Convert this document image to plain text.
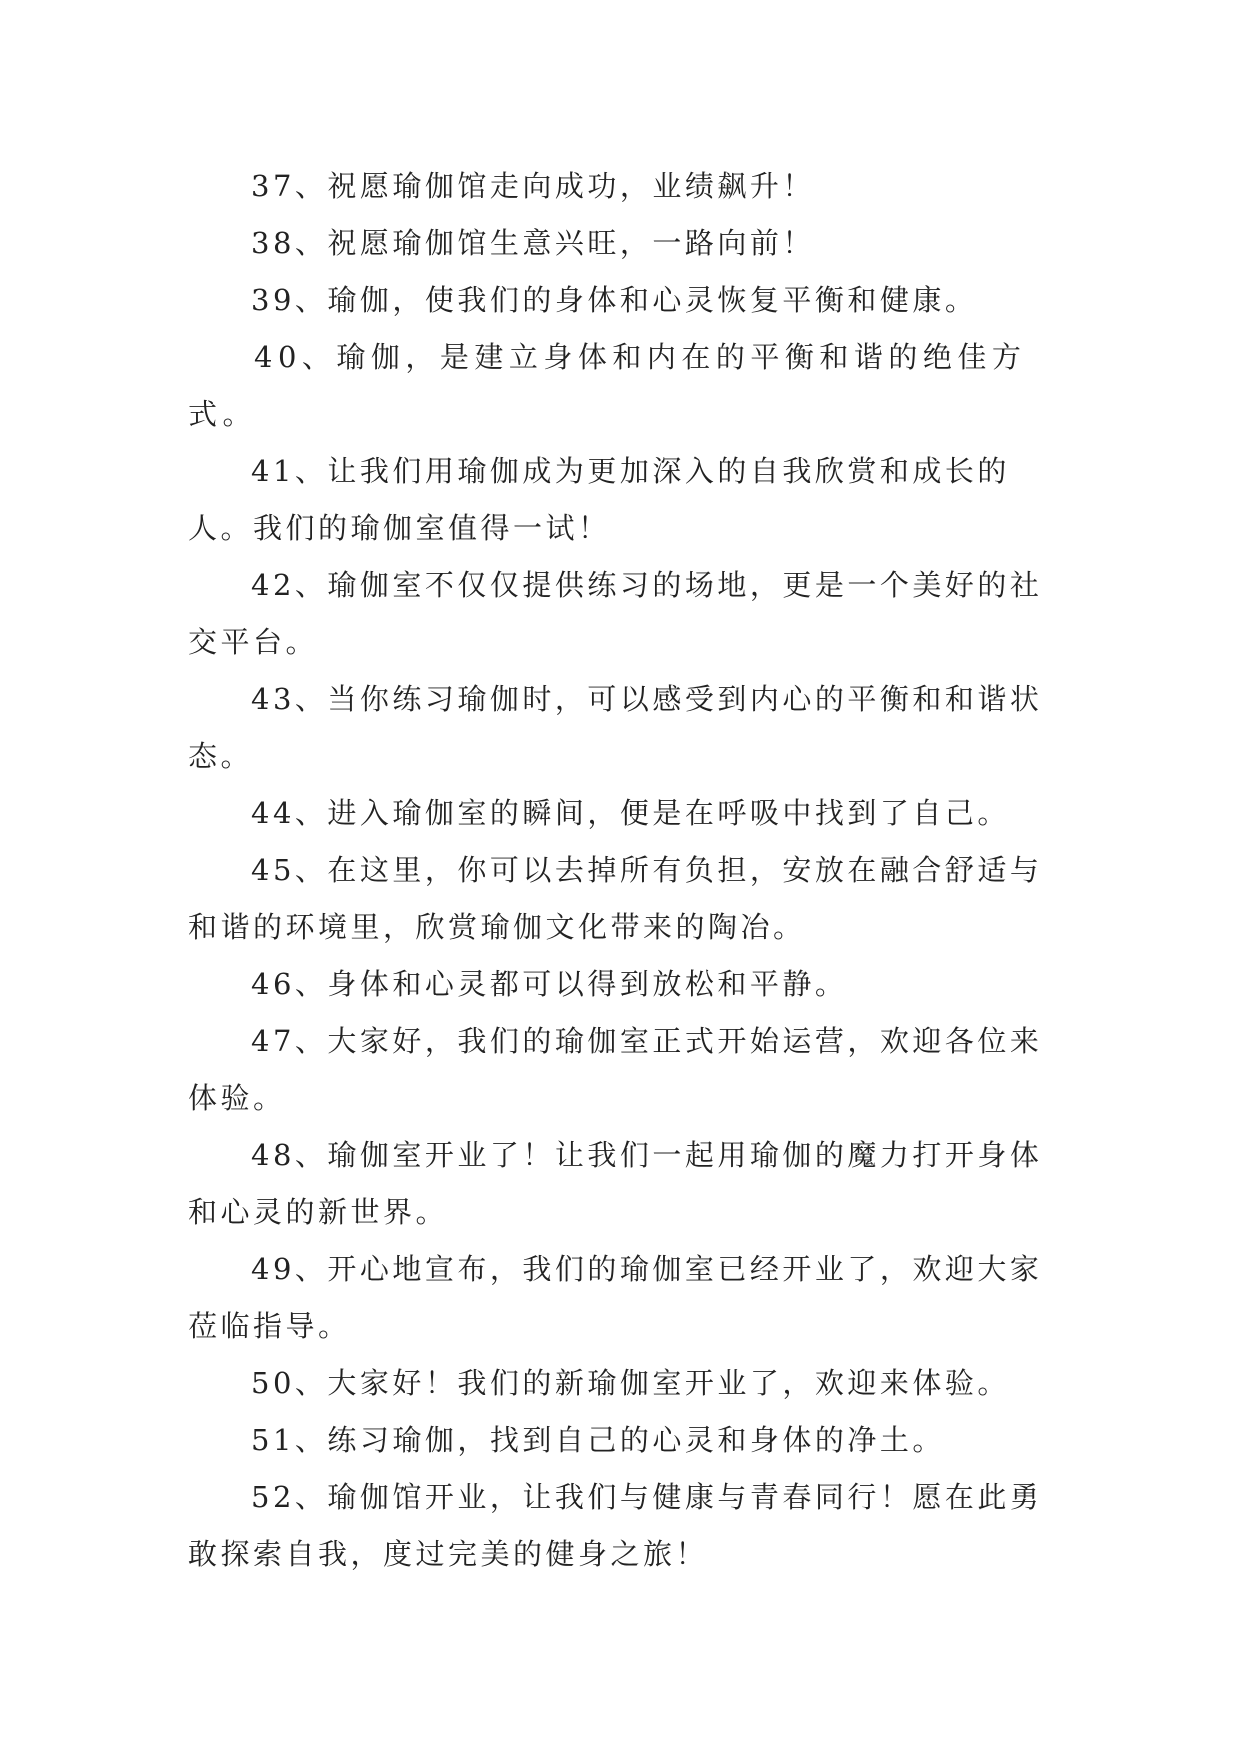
37、祝愿瑜伽馆走向成功，业绩飙升！

38、祝愿瑜伽馆生意兴旺，一路向前！

39、瑜伽，使我们的身体和心灵恢复平衡和健康。

40、瑜伽，是建立身体和内在的平衡和谐的绝佳方式。

41、让我们用瑜伽成为更加深入的自我欣赏和成长的人。我们的瑜伽室值得一试！

42、瑜伽室不仅仅提供练习的场地，更是一个美好的社交平台。

43、当你练习瑜伽时，可以感受到内心的平衡和和谐状态。

44、进入瑜伽室的瞬间，便是在呼吸中找到了自己。

45、在这里，你可以去掉所有负担，安放在融合舒适与和谐的环境里，欣赏瑜伽文化带来的陶冶。

46、身体和心灵都可以得到放松和平静。

47、大家好，我们的瑜伽室正式开始运营，欢迎各位来体验。

48、瑜伽室开业了！让我们一起用瑜伽的魔力打开身体和心灵的新世界。

49、开心地宣布，我们的瑜伽室已经开业了，欢迎大家莅临指导。

50、大家好！我们的新瑜伽室开业了，欢迎来体验。

51、练习瑜伽，找到自己的心灵和身体的净土。

52、瑜伽馆开业，让我们与健康与青春同行！愿在此勇敢探索自我，度过完美的健身之旅！
